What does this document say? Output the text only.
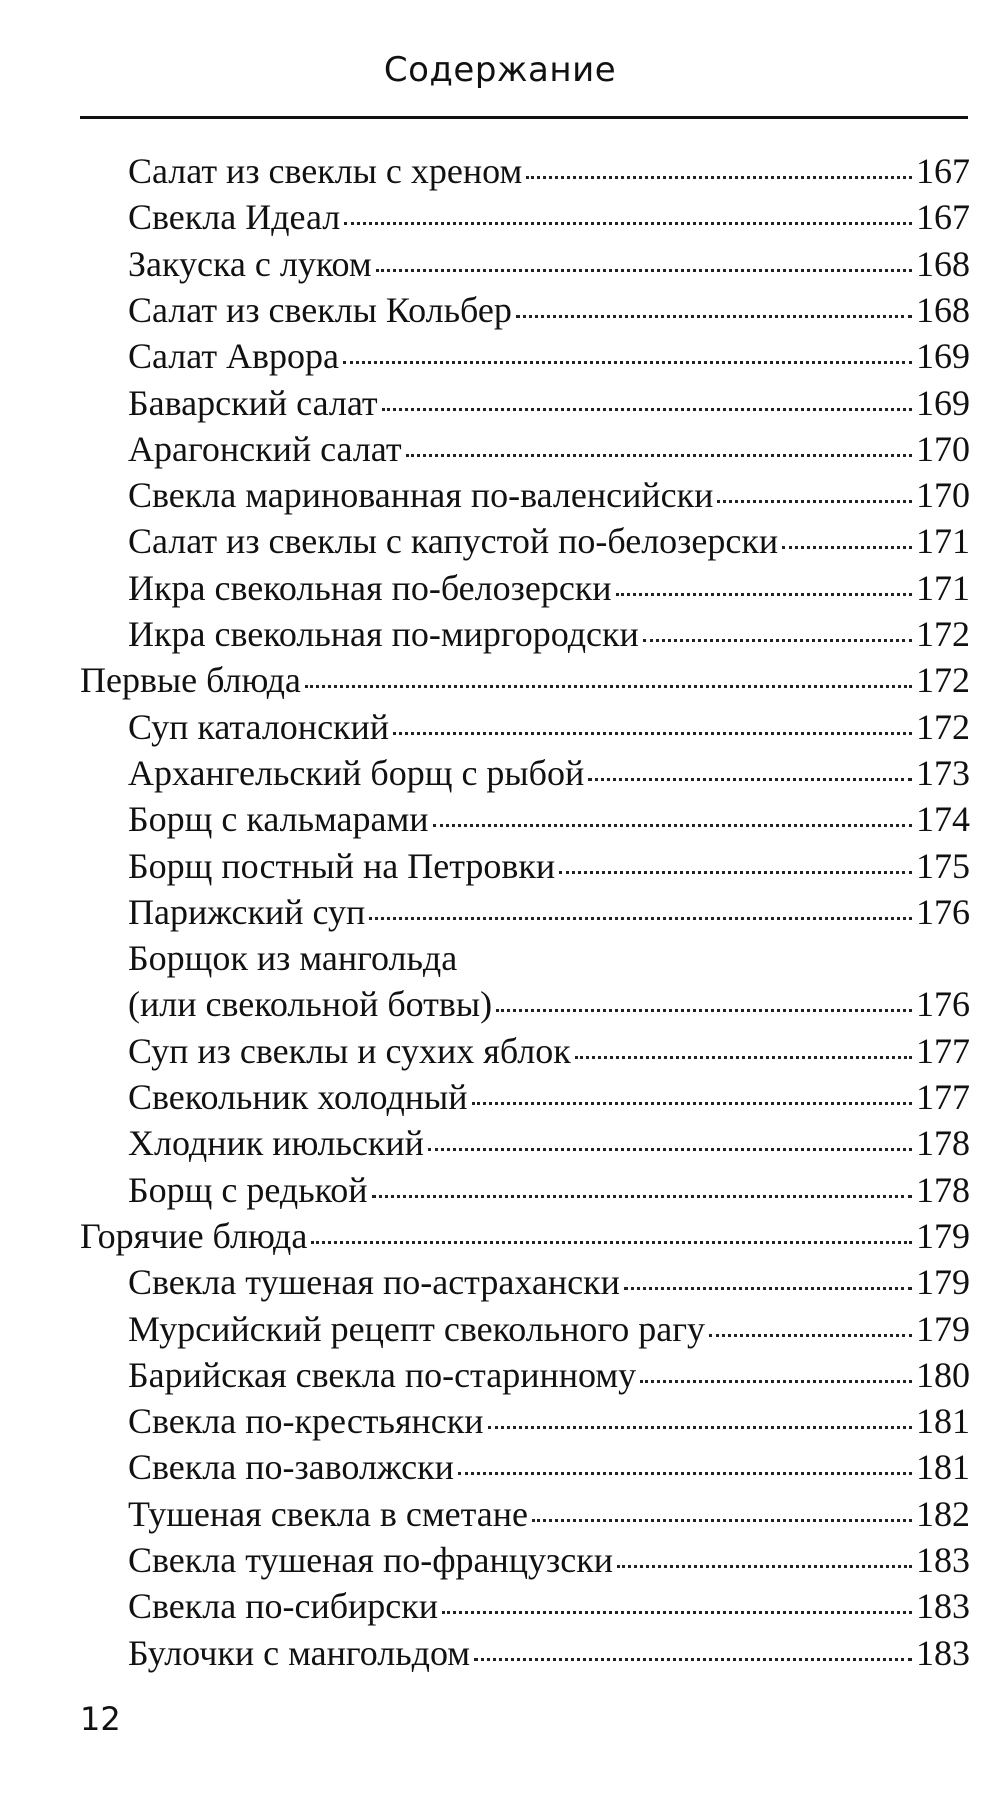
Содержание
Салат из свеклы с хреном	167
Свекла Идеал	167
Закуска с луком	168
Салат из свеклы Кольбер	168
Салат Аврора	169
Баварский салат	169
Арагонский салат	170
Свекла маринованная по-валенсийски	170
Салат из свеклы с капустой по-белозерски	171
Икра свекольная по-белозерски	171
Икра свекольная по-миргородски	172
Первые блюда	172
Суп каталонский	172
Архангельский борщ с рыбой	173
Борщ с кальмарами	174
Борщ постный на Петровки	175
Парижский суп	176
Борщок из мангольда
(или свекольной ботвы)	176
Суп из свеклы и сухих яблок	177
Свекольник холодный	177
Хлодник июльский	178
Борщ с редькой	178
Горячие блюда	179
Свекла тушеная по-астрахански	179
Мурсийский рецепт свекольного рагу	179
Барийская свекла по-старинному	180
Свекла по-крестьянски	181
Свекла по-заволжски	181
Тушеная свекла в сметане	182
Свекла тушеная по-французски	183
Свекла по-сибирски	183
Булочки с мангольдом	183
12
